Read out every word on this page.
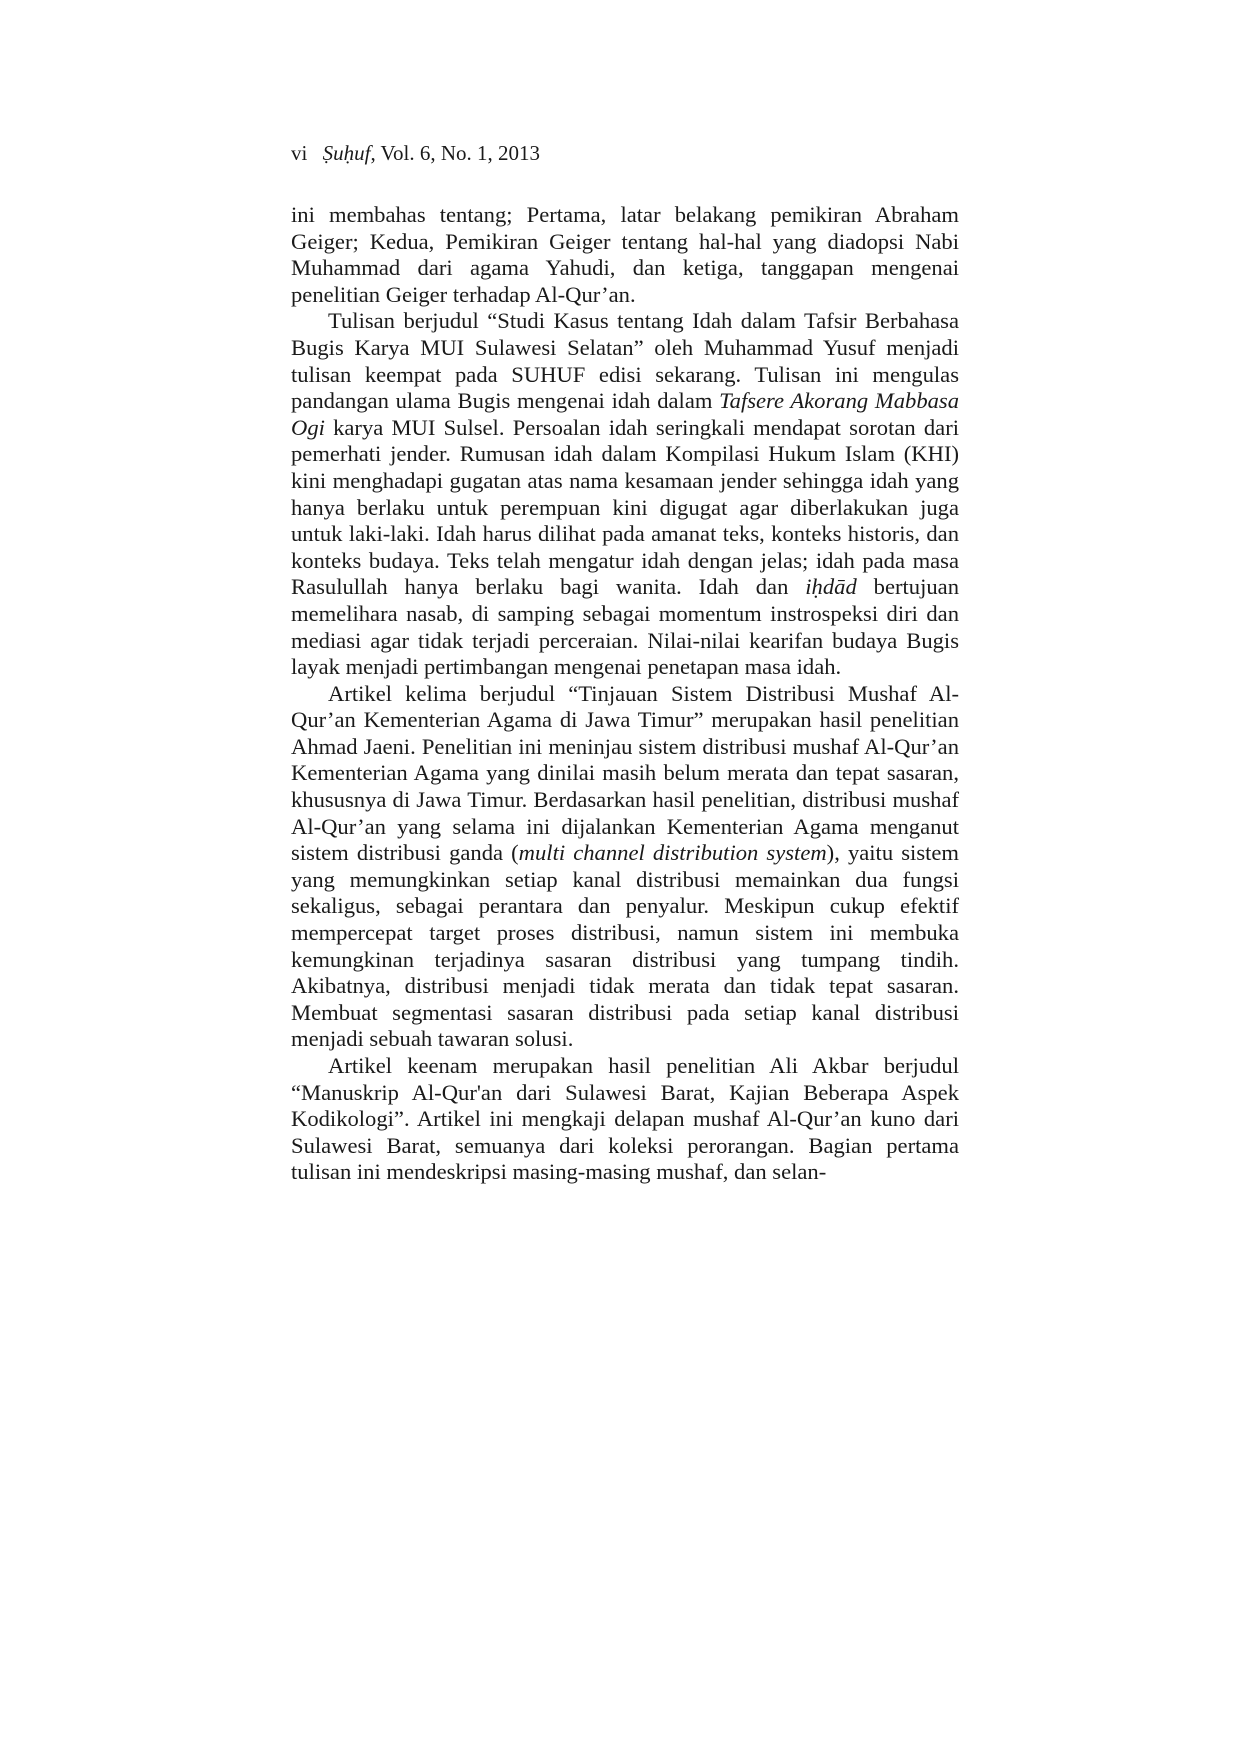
vi Ṣuḥuf, Vol. 6, No. 1, 2013

ini membahas tentang; Pertama, latar belakang pemikiran Abraham Geiger; Kedua, Pemikiran Geiger tentang hal-hal yang diadopsi Nabi Muhammad dari agama Yahudi, dan ketiga, tanggapan mengenai penelitian Geiger terhadap Al-Qur’an.

Tulisan berjudul “Studi Kasus tentang Idah dalam Tafsir Berbahasa Bugis Karya MUI Sulawesi Selatan” oleh Muhammad Yusuf menjadi tulisan keempat pada SUHUF edisi sekarang. Tulisan ini mengulas pandangan ulama Bugis mengenai idah dalam Tafsere Akorang Mabbasa Ogi karya MUI Sulsel. Persoalan idah seringkali mendapat sorotan dari pemerhati jender. Rumusan idah dalam Kompilasi Hukum Islam (KHI) kini menghadapi gugatan atas nama kesamaan jender sehingga idah yang hanya berlaku untuk perempuan kini digugat agar diberlakukan juga untuk laki-laki. Idah harus dilihat pada amanat teks, konteks historis, dan konteks budaya. Teks telah mengatur idah dengan jelas; idah pada masa Rasulullah hanya berlaku bagi wanita. Idah dan iḥdād bertujuan memelihara nasab, di samping sebagai momentum instrospeksi diri dan mediasi agar tidak terjadi perceraian. Nilai-nilai kearifan budaya Bugis layak menjadi pertimbangan mengenai penetapan masa idah.

Artikel kelima berjudul “Tinjauan Sistem Distribusi Mushaf Al-Qur’an Kementerian Agama di Jawa Timur” merupakan hasil penelitian Ahmad Jaeni. Penelitian ini meninjau sistem distribusi mushaf Al-Qur’an Kementerian Agama yang dinilai masih belum merata dan tepat sasaran, khususnya di Jawa Timur. Berdasarkan hasil penelitian, distribusi mushaf Al-Qur’an yang selama ini dijalankan Kementerian Agama menganut sistem distribusi ganda (multi channel distribution system), yaitu sistem yang memungkinkan setiap kanal distribusi memainkan dua fungsi sekaligus, sebagai perantara dan penyalur. Meskipun cukup efektif mempercepat target proses distribusi, namun sistem ini membuka kemungkinan terjadinya sasaran distribusi yang tumpang tindih. Akibatnya, distribusi menjadi tidak merata dan tidak tepat sasaran. Membuat segmentasi sasaran distribusi pada setiap kanal distribusi menjadi sebuah tawaran solusi.

Artikel keenam merupakan hasil penelitian Ali Akbar berjudul “Manuskrip Al-Qur'an dari Sulawesi Barat, Kajian Beberapa Aspek Kodikologi”. Artikel ini mengkaji delapan mushaf Al-Qur’an kuno dari Sulawesi Barat, semuanya dari koleksi perorangan. Bagian pertama tulisan ini mendeskripsi masing-masing mushaf, dan selan-
